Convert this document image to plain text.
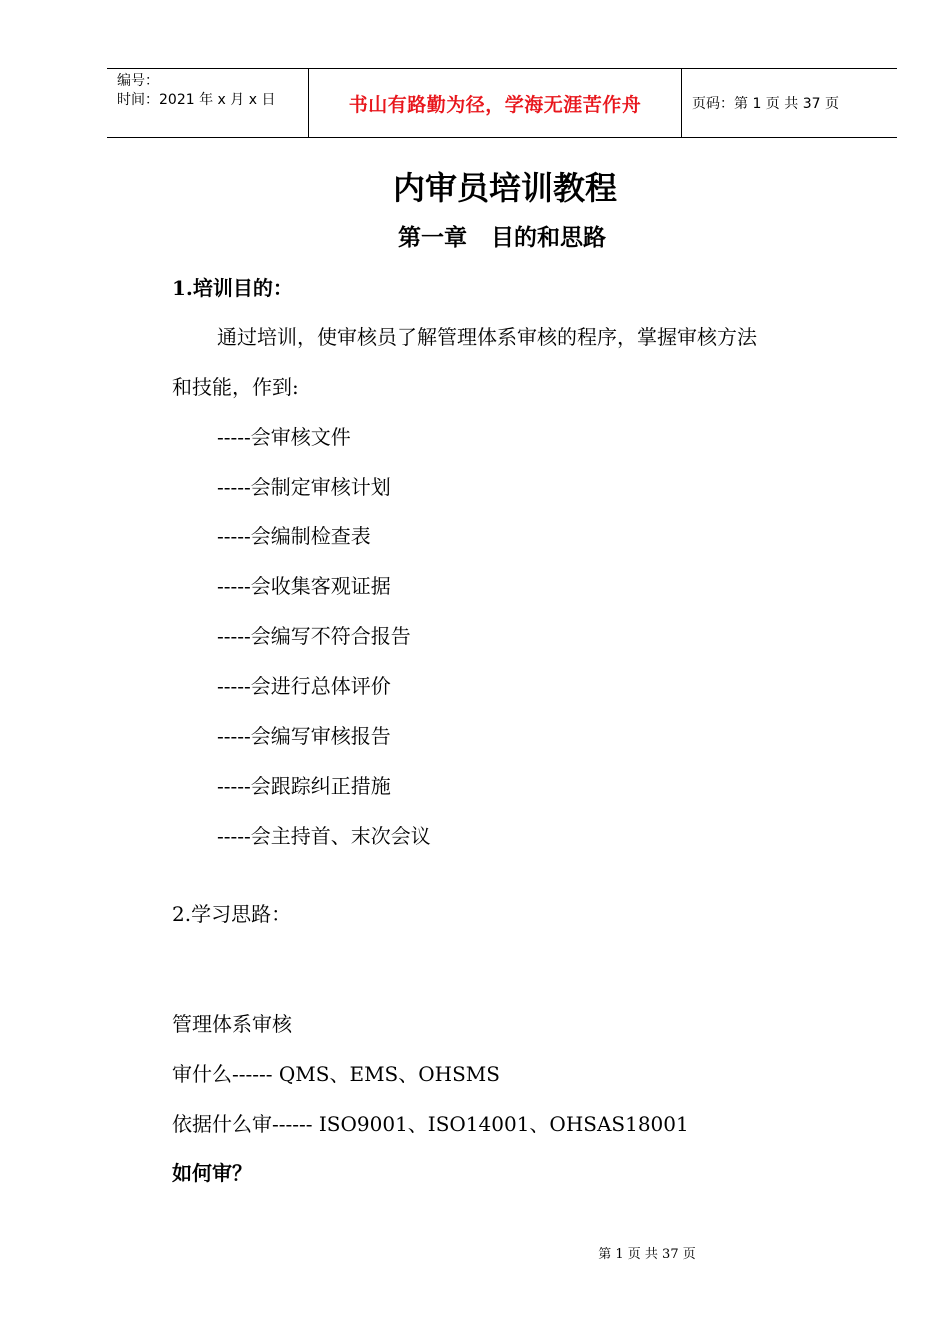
编号：
时间：2021 年 x 月 x 日	书山有路勤为径，学海无涯苦作舟	页码：第 1 页 共 37 页
内审员培训教程
第一章   目的和思路
1.培训目的：
通过培训，使审核员了解管理体系审核的程序，掌握审核方法
和技能，作到:
-----会审核文件
-----会制定审核计划
-----会编制检查表
-----会收集客观证据
-----会编写不符合报告
-----会进行总体评价
-----会编写审核报告
-----会跟踪纠正措施
-----会主持首、末次会议
2.学习思路：
管理体系审核
审什么------ QMS、EMS、OHSMS
依据什么审------ ISO9001、ISO14001、OHSAS18001
如何审？
第 1 页 共 37 页
